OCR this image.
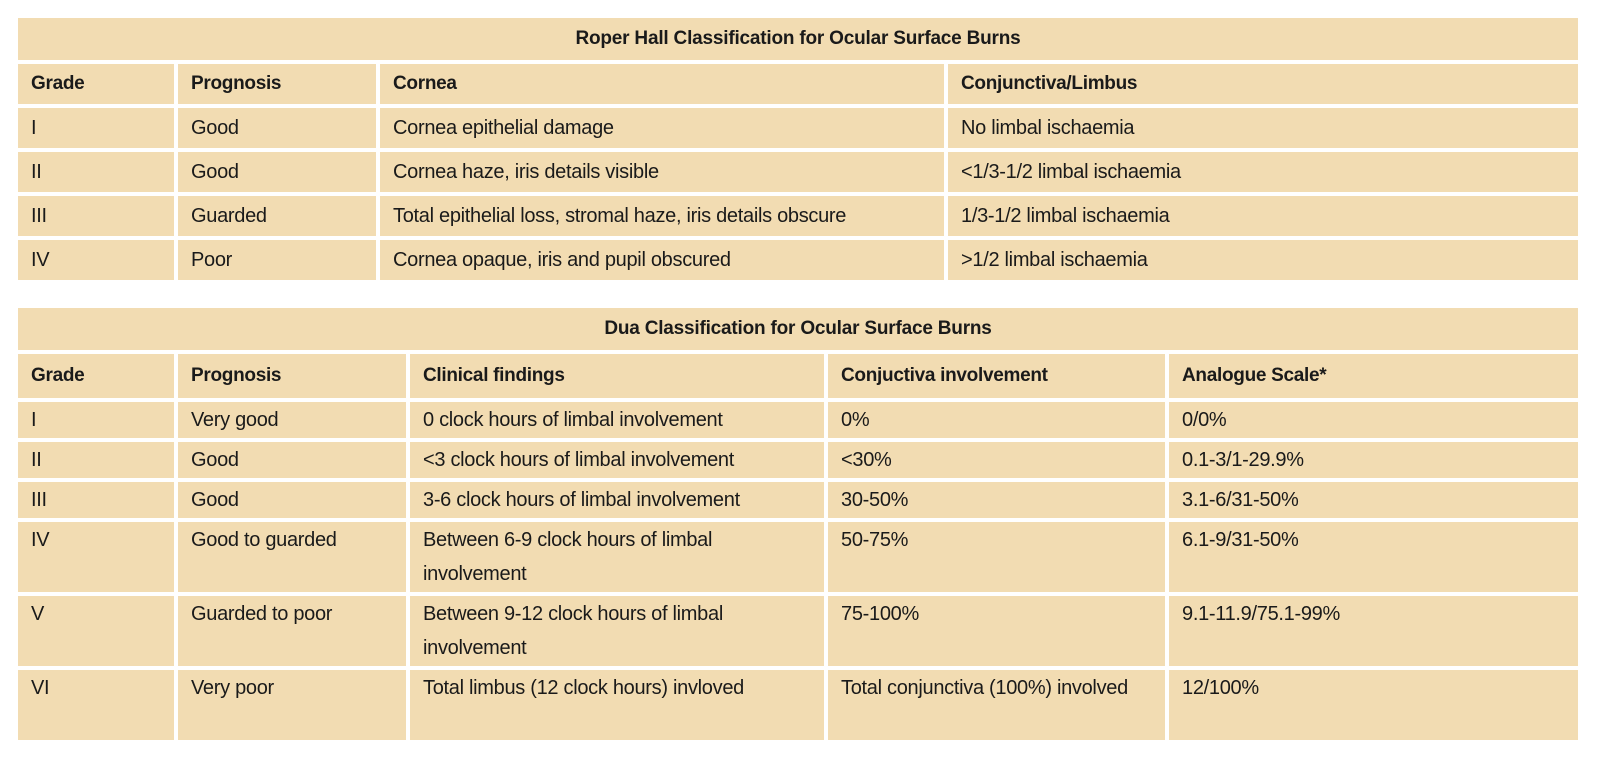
Roper Hall Classification for Ocular Surface Burns
Grade	Prognosis	Cornea	Conjunctiva/Limbus
I	Good	Cornea epithelial damage	No limbal ischaemia
II	Good	Cornea haze, iris details visible	<1/3-1/2 limbal ischaemia
III	Guarded	Total epithelial loss, stromal haze, iris details obscure	1/3-1/2 limbal ischaemia
IV	Poor	Cornea opaque, iris and pupil obscured	>1/2 limbal ischaemia
Dua Classification for Ocular Surface Burns
Grade	Prognosis	Clinical findings	Conjuctiva involvement	Analogue Scale*
I	Very good	0 clock hours of limbal involvement	0%	0/0%
II	Good	<3 clock hours of limbal involvement	<30%	0.1-3/1-29.9%
III	Good	3-6 clock hours of limbal involvement	30-50%	3.1-6/31-50%
IV	Good to guarded	Between 6-9 clock hours of limbal involvement	50-75%	6.1-9/31-50%
V	Guarded to poor	Between 9-12 clock hours of limbal involvement	75-100%	9.1-11.9/75.1-99%
VI	Very poor	Total limbus (12 clock hours) invloved	Total conjunctiva (100%) involved	12/100%
